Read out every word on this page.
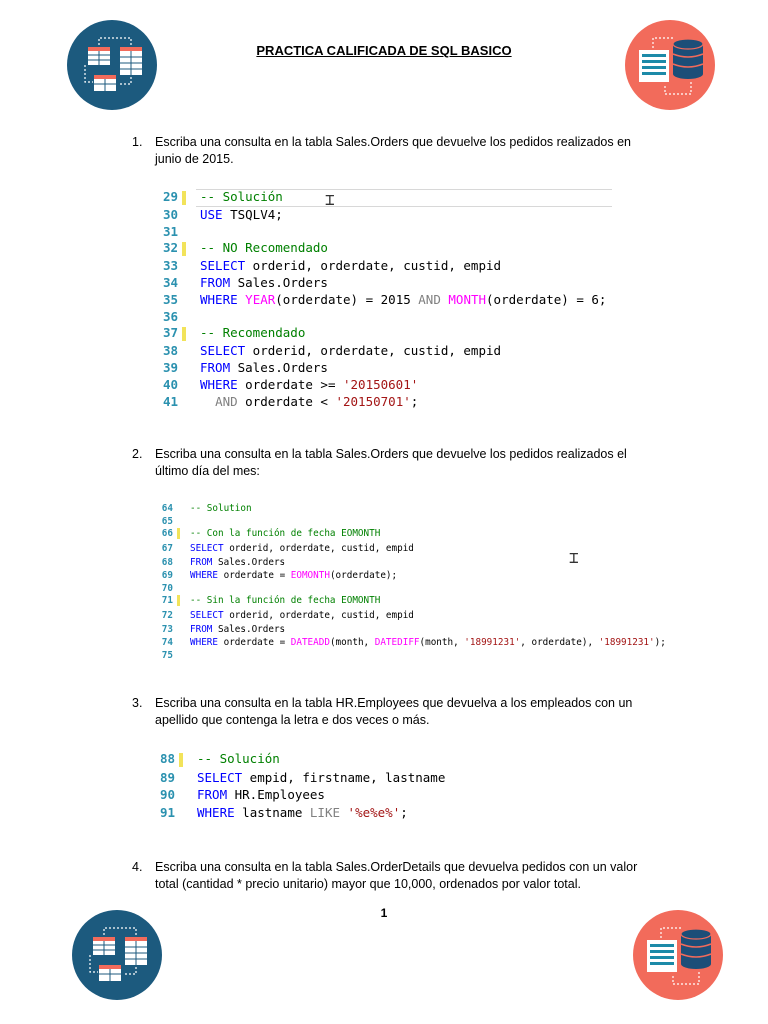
PRACTICA CALIFICADA DE SQL BASICO
1. Escriba una consulta en la tabla Sales.Orders que devuelve los pedidos realizados en junio de 2015.
2. Escriba una consulta en la tabla Sales.Orders que devuelve los pedidos realizados el último día del mes:
3. Escriba una consulta en la tabla HR.Employees que devuelva a los empleados con un apellido que contenga la letra e dos veces o más.
4. Escriba una consulta en la tabla Sales.OrderDetails que devuelva pedidos con un valor total (cantidad * precio unitario) mayor que 10,000, ordenados por valor total.
29 -- Solución
30 USE TSQLV4;
31
32 -- NO Recomendado
33 SELECT orderid, orderdate, custid, empid
34 FROM Sales.Orders
35 WHERE YEAR(orderdate) = 2015 AND MONTH(orderdate) = 6;
36
37 -- Recomendado
38 SELECT orderid, orderdate, custid, empid
39 FROM Sales.Orders
40 WHERE orderdate >= '20150601'
41	AND orderdate < '20150701';
64 -- Solution
65
66 -- Con la función de fecha EOMONTH
67 SELECT orderid, orderdate, custid, empid
68 FROM Sales.Orders
69 WHERE orderdate = EOMONTH(orderdate);
70
71 -- Sin la función de fecha EOMONTH
72 SELECT orderid, orderdate, custid, empid
73 FROM Sales.Orders
74 WHERE orderdate = DATEADD(month, DATEDIFF(month, '18991231', orderdate), '18991231');
75
88 -- Solución
89 SELECT empid, firstname, lastname
90 FROM HR.Employees
91 WHERE lastname LIKE '%e%e%';
⌶
⌶
1
